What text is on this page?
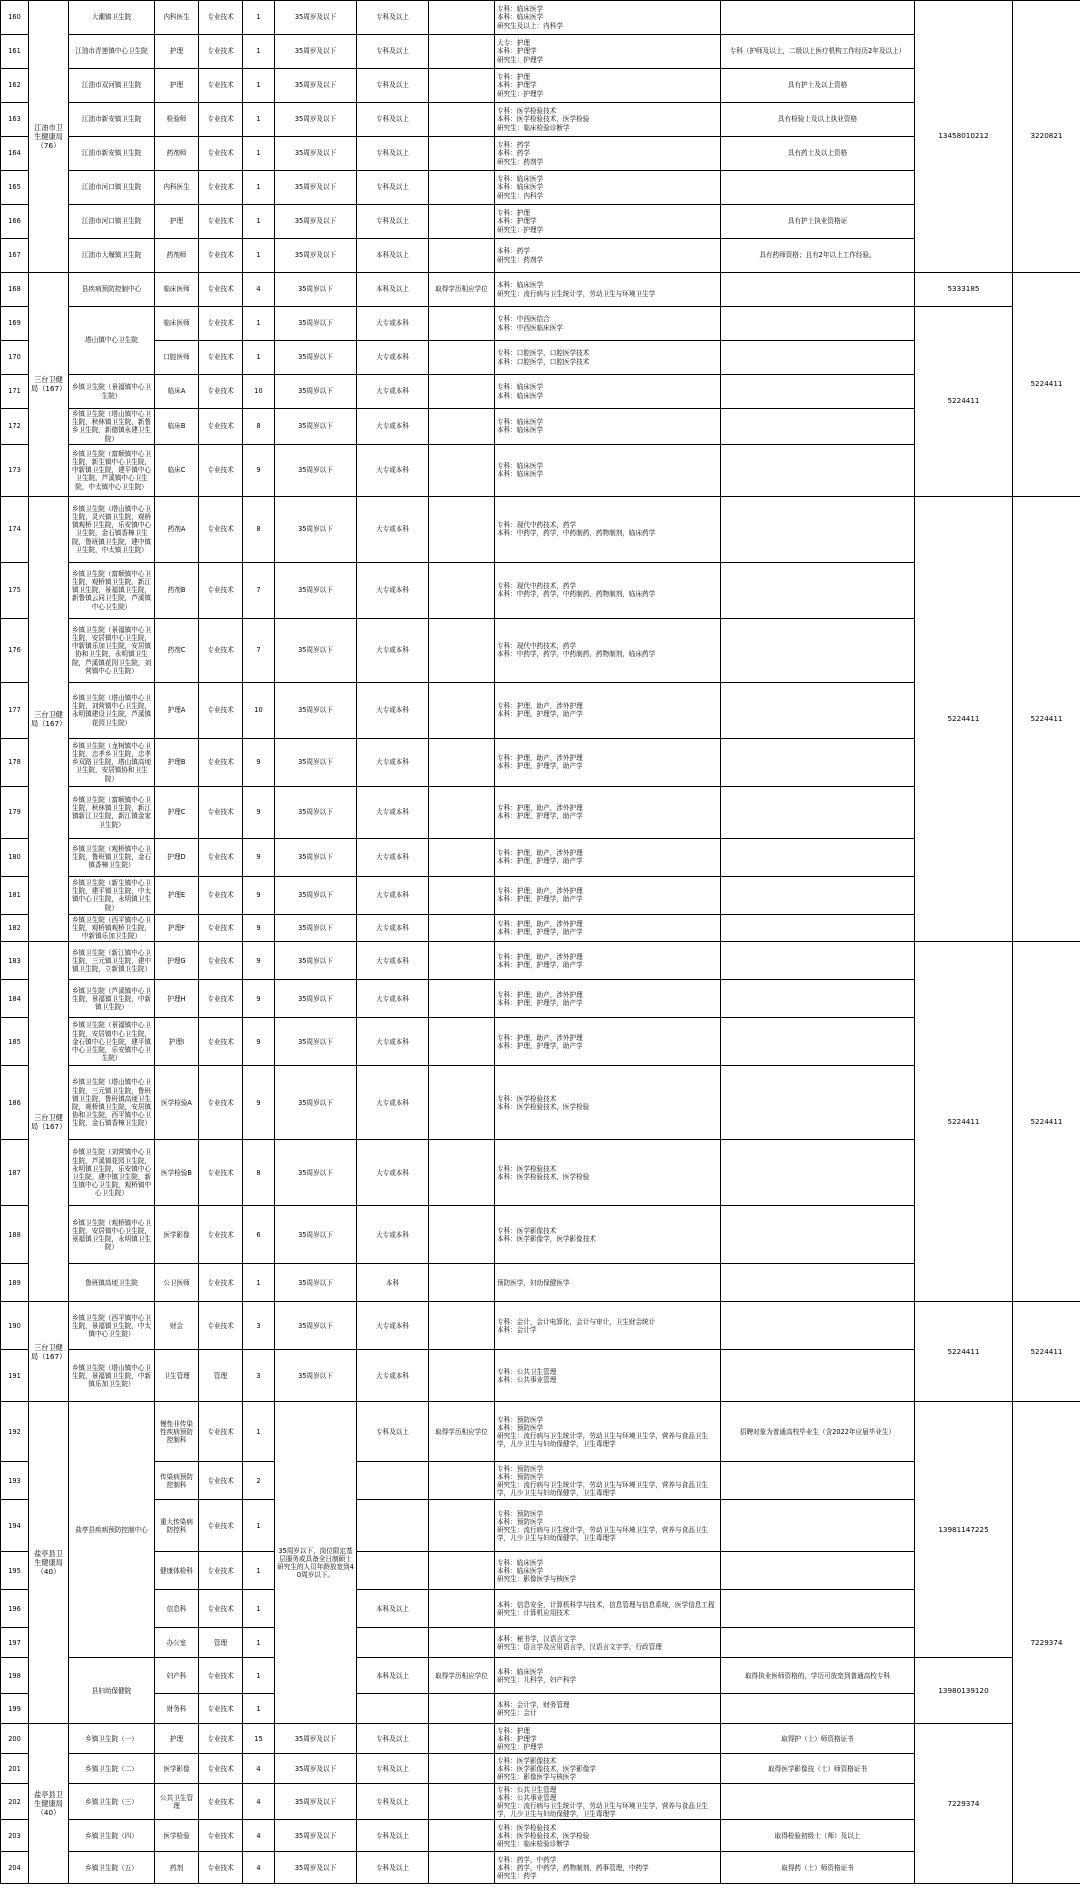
160	江油市卫生健康局（76）	大潮镇卫生院	内科医生	专业技术	1	35周岁及以下	专科及以上		专科：临床医学
本科：临床医学
研究生及以上：内科学		13458010212	3220821
161		江油市青莲镇中心卫生院	护理	专业技术	1	35周岁及以下	专科及以上		大专：护理
本科：护理学
研究生：护理学	专科（护师及以上，二级以上医疗机构工作经历2年及以上）		
162		江油市双河镇卫生院	护理	专业技术	1	35周岁及以下	专科及以上		专科：护理
本科：护理学
研究生：护理学	具有护士及以上资格		
163		江油市新安镇卫生院	检验师	专业技术	1	35周岁及以下	专科及以上		专科：医学检验技术
本科：医学检验技术，医学检验
研究生：临床检验诊断学	具有检验士及以上执业资格		
164		江油市新安镇卫生院	药剂师	专业技术	1	35周岁及以下	专科及以上		专科：药学
本科：药学
研究生：药剂学	具有药士及以上资格		
165		江油市河口镇卫生院	内科医生	专业技术	1	35周岁及以下	专科及以上		专科：临床医学
本科：临床医学
研究生：内科学			
166		江油市河口镇卫生院	护理	专业技术	1	35周岁及以下	专科及以上		专科：护理
本科：护理学
研究生：护理学	具有护士执业资格证		
167		江油市大堰镇卫生院	药剂师	专业技术	1	35周岁及以下	本科及以上		本科：药学
研究生：药剂学	具有药师资格；且有2年以上工作经验。		
168	三台卫健局（167）	县疾病预防控制中心	临床医师	专业技术	4	35周岁以下	本科及以上	取得学历相应学位	本科：临床医学
研究生：流行病与卫生统计学，劳动卫生与环境卫生学		5333185	5224411
169		塔山镇中心卫生院	临床医师	专业技术	1	35周岁以下	大专或本科		专科：中西医结合
本科：中西医临床医学		5224411	
170			口腔医师	专业技术	1	35周岁以下	大专或本科		专科：口腔医学，口腔医学技术
本科：口腔医学，口腔医学技术			
171		乡镇卫生院（景福镇中心卫生院）	临床A	专业技术	10	35周岁以下	大专或本科		专科：临床医学
本科：临床医学			
172		乡镇卫生院（塔山镇中心卫生院，秋林镇卫生院，新鲁乡卫生院，新德镇永建卫生院）	临床B	专业技术	8	35周岁以下	大专或本科		专科：临床医学
本科：临床医学			
173		乡镇卫生院（富顺镇中心卫生院，新生镇中心卫生院，中新镇卫生院，建平镇中心卫生院，芦溪镇中心卫生院，中太镇中心卫生院）	临床C	专业技术	9	35周岁以下	大专或本科		专科：临床医学
本科：临床医学			
174	三台卫健局（167）	乡镇卫生院（塔山镇中心卫生院，灵兴镇卫生院，观桥镇观桥卫生院，乐安镇中心卫生院，金石镇香樟卫生院，鲁班镇卫生院，建中镇卫生院，中太镇卫生院）	药剂A	专业技术	8	35周岁以下	大专或本科		专科：现代中药技术，药学
本科：中药学，药学，中药制药，药物制剂，临床药学		5224411	5224411
175		乡镇卫生院（富顺镇中心卫生院，观桥镇卫生院，新江镇卫生院，景福镇卫生院，新鲁镇云同卫生院，芦溪镇中心卫生院）	药剂B	专业技术	7	35周岁以下	大专或本科		专科：现代中药技术，药学
本科：中药学，药学，中药制药，药物制剂，临床药学			
176		乡镇卫生院（景福镇中心卫生院，安居镇中心卫生院，中新镇乐加卫生院，安居镇协和卫生院，永明镇卫生院，芦溪镇花园卫生院，刘营镇中心卫生院）	药剂C	专业技术	7	35周岁以下	大专或本科		专科：现代中药技术，药学
本科：中药学，药学，中药制药，药物制剂，临床药学			
177		乡镇卫生院（塔山镇中心卫生院，刘营镇中心卫生院，永明镇建设卫生院，芦溪镇花园卫生院）	护理A	专业技术	10	35周岁以下	大专或本科		专科：护理，助产，涉外护理
本科：护理，护理学，助产学			
178		乡镇卫生院（龙树镇中心卫生院，忠孝乡卫生院，忠孝乡双路卫生院，塔山镇高埂卫生院，安居镇协和卫生院）	护理B	专业技术	9	35周岁以下	大专或本科		专科：护理，助产，涉外护理
本科：护理，护理学，助产学			
179		乡镇卫生院（富顺镇中心卫生院，秋林镇卫生院，新江镇新江卫生院，新江镇金家卫生院）	护理C	专业技术	9	35周岁以下	大专或本科		专科：护理，助产，涉外护理
本科：护理，护理学，助产学			
180		乡镇卫生院（观桥镇中心卫生院，鲁班镇卫生院，金石镇香樟卫生院）	护理D	专业技术	9	35周岁以下	大专或本科		专科：护理，助产，涉外护理
本科：护理，护理学，助产学			
181		乡镇卫生院（新生镇中心卫生院，建平镇卫生院，中太镇中心卫生院，永明镇卫生院）	护理E	专业技术	9	35周岁以下	大专或本科		专科：护理，助产，涉外护理
本科：护理，护理学，助产学			
182		乡镇卫生院（西平镇中心卫生院，观桥镇观桥卫生院，中新镇乐加卫生院）	护理F	专业技术	9	35周岁以下	大专或本科		专科：护理，助产，涉外护理
本科：护理，护理学，助产学			
183	三台卫健局（167）	乡镇卫生院（新江镇中心卫生院，三元镇卫生院，建中镇卫生院，立新镇卫生院）	护理G	专业技术	9	35周岁以下	大专或本科		专科：护理，助产，涉外护理
本科：护理，护理学，助产学		5224411	5224411
184		乡镇卫生院（芦溪镇中心卫生院，景福镇卫生院，中新镇卫生院）	护理H	专业技术	9	35周岁以下	大专或本科		专科：护理，助产，涉外护理
本科：护理，护理学，助产学			
185		乡镇卫生院（景福镇中心卫生院，安居镇中心卫生院，金石镇中心卫生院，建平镇中心卫生院，乐安镇中心卫生院）	护理I	专业技术	9	35周岁以下	大专或本科		专科：护理，助产，涉外护理
本科：护理，护理学，助产学			
186		乡镇卫生院（塔山镇中心卫生院，三元镇卫生院，鲁班镇卫生院，鲁班镇高埂卫生院，观桥镇卫生院，安居镇协和卫生院，西平镇中心卫生院，金石镇香樟卫生院）	医学检验A	专业技术	9	35周岁以下	大专或本科		专科：医学检验技术
本科：医学检验技术，医学检验			
187		乡镇卫生院（刘营镇中心卫生院，芦溪镇花园卫生院，永明镇卫生院，乐安镇中心卫生院，建中镇卫生院，新生镇中心卫生院，观桥镇中心卫生院）	医学检验B	专业技术	8	35周岁以下	大专或本科		专科：医学检验技术
本科：医学检验技术，医学检验			
188		乡镇卫生院（观桥镇中心卫生院，安居镇中心卫生院，景福镇卫生院，永明镇卫生院）	医学影像	专业技术	6	35周岁以下	大专或本科		专科：医学影像技术
本科：医学影像学，医学影像技术			
189		鲁班镇高埂卫生院	公卫医师	专业技术	1	35周岁以下	本科		预防医学，妇幼保健医学			
190	三台卫健局（167）	乡镇卫生院（西平镇中心卫生院，景福镇卫生院，中太镇中心卫生院）	财会	专业技术	3	35周岁以下	大专或本科		专科：会计，会计电算化，会计与审计，卫生财会统计
本科：会计学		5224411	5224411
191		乡镇卫生院（塔山镇中心卫生院，景福镇卫生院，中新镇乐加卫生院）	卫生管理	管理	3	35周岁以下	大专或本科		专科：公共卫生管理
本科：公共事业管理			
192	盐亭县卫生健康局（40）	盐亭县疾病预防控制中心	慢性非传染性疾病预防控制科	专业技术	1	35周岁以下，岗位限定基层服务或具备全日制硕士研究生的人员年龄放宽到40周岁以下。	专科及以上	取得学历相应学位	专科：预防医学
本科：预防医学
研究生：流行病与卫生统计学，劳动卫生与环境卫生学，营养与食品卫生学，儿少卫生与妇幼保健学，卫生毒理学	招聘对象为普通高校毕业生（含2022年应届毕业生）	13981147225	7229374
193			传染病预防控制科	专业技术	2				专科：预防医学
本科：预防医学
研究生：流行病与卫生统计学，劳动卫生与环境卫生学，营养与食品卫生学，儿少卫生与妇幼保健学，卫生毒理学			
194			重大传染病防控科	专业技术	1				专科：预防医学
本科：预防医学
研究生：流行病与卫生统计学，劳动卫生与环境卫生学，营养与食品卫生学，儿少卫生与妇幼保健学，卫生毒理学			
195			健康体检科	专业技术	1				专科：临床医学
本科：临床医学
研究生：影像医学与核医学			
196			信息科	专业技术	1		本科及以上		本科：信息安全，计算机科学与技术，信息管理与信息系统，医学信息工程
研究生：计算机应用技术			
197			办公室	管理	1				本科：秘书学，汉语言文学
研究生：语言学及应用语言学，汉语言文字学，行政管理			
198		县妇幼保健院	妇产科	专业技术	1		本科及以上	取得学历相应学位	本科：临床医学
研究生：儿科学，妇产科学	取得执业医师资格的，学历可放宽到普通高校专科	13980139120	
199			财务科	专业技术	1				本科：会计学，财务管理
研究生：会计			
200	盐亭县卫生健康局（40）	乡镇卫生院（一）	护理	专业技术	15	35周岁及以下	专科及以上		专科：护理
本科：护理学
研究生：护理学	取得护（士）师资格证书	7229374	
201		乡镇卫生院（二）	医学影像	专业技术	4	35周岁及以下	专科及以上		专科：医学影像技术
本科：医学影像技术，医学影像学
研究生：影像医学与核医学	取得医学影像技（士）师资格证书		
202		乡镇卫生院（三）	公共卫生管理	专业技术	4	35周岁及以下	专科及以上		专科：公共卫生管理
本科：公共事业管理
研究生：流行病与卫生统计学，劳动卫生与环境卫生学，营养与食品卫生学，儿少卫生与妇幼保健学，卫生毒理学			
203		乡镇卫生院（四）	医学检验	专业技术	4	35周岁及以下	专科及以上		专科：医学检验技术
本科：医学检验技术，医学检验
研究生：临床检验诊断学	取得检验初级士（师）及以上		
204		乡镇卫生院（五）	药剂	专业技术	4	35周岁及以下	专科及以上		专科：药学，中药学
本科：药学，中药学，药物制剂，药事管理，中药学
研究生：药学	取得药（士）师资格证书		
